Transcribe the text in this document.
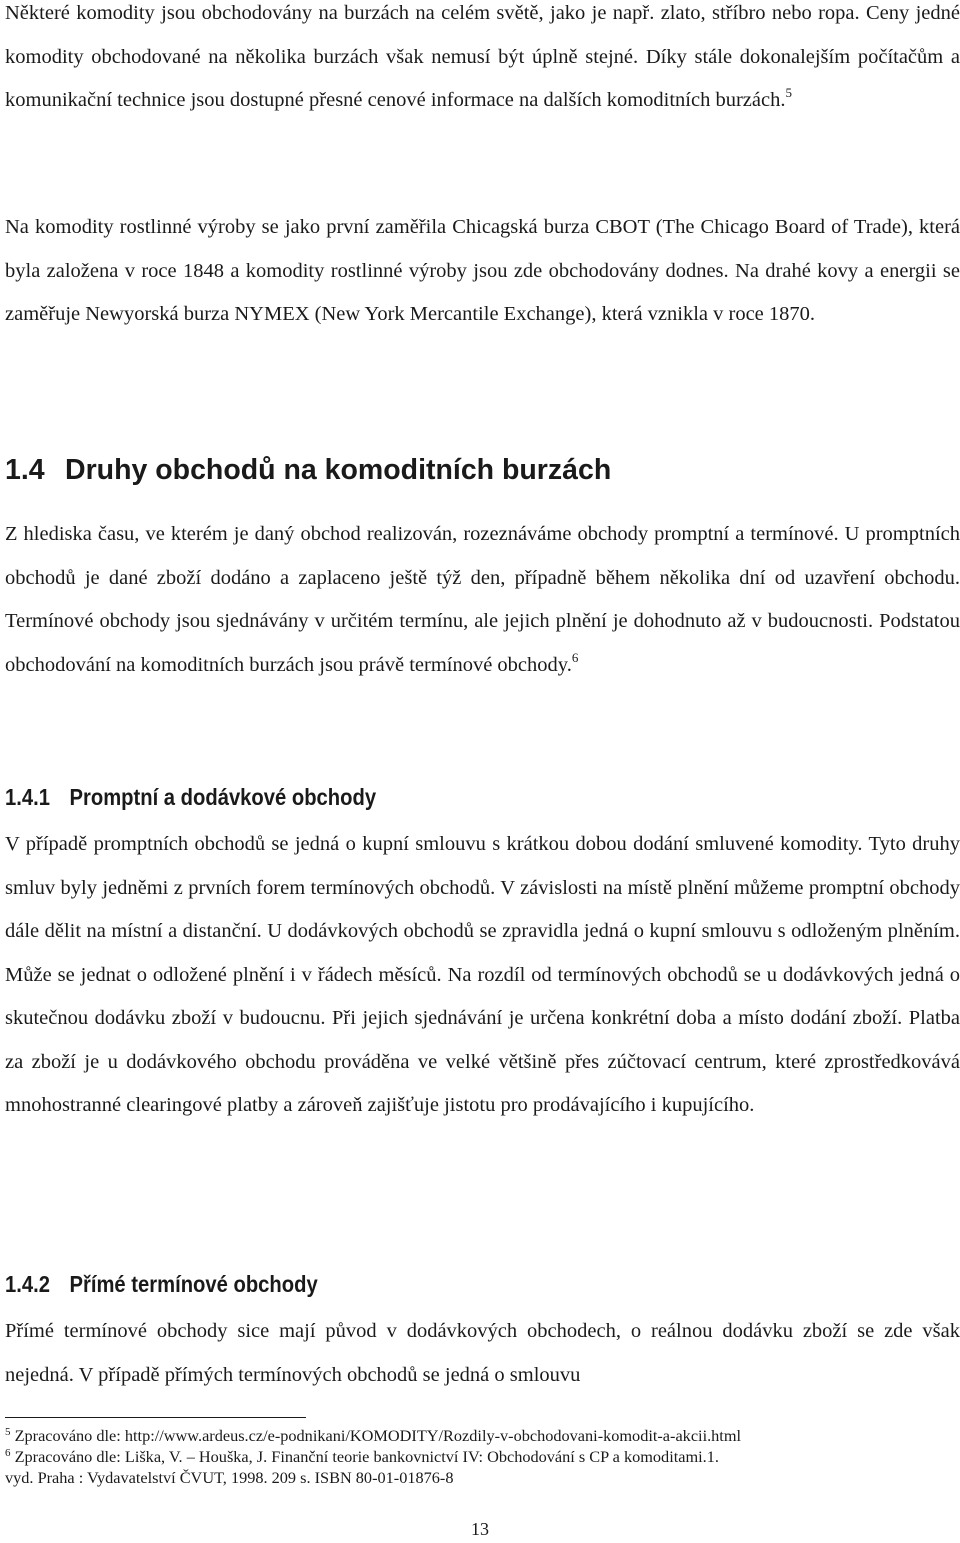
Některé komodity jsou obchodovány na burzách na celém světě, jako je např. zlato, stříbro nebo ropa. Ceny jedné komodity obchodované na několika burzách však nemusí být úplně stejné. Díky stále dokonalejším počítačům a komunikační technice jsou dostupné přesné cenové informace na dalších komoditních burzách.$^5$

Na komodity rostlinné výroby se jako první zaměřila Chicagská burza CBOT (The Chicago Board of Trade), která byla založena v roce 1848 a komodity rostlinné výroby jsou zde obchodovány dodnes. Na drahé kovy a energii se zaměřuje Newyorská burza NYMEX (New York Mercantile Exchange), která vznikla v roce 1870.

1.4 Druhy obchodů na komoditních burzách

Z hlediska času, ve kterém je daný obchod realizován, rozeznáváme obchody promptní a termínové. U promptních obchodů je dané zboží dodáno a zaplaceno ještě týž den, případně během několika dní od uzavření obchodu. Termínové obchody jsou sjednávány v určitém termínu, ale jejich plnění je dohodnuto až v budoucnosti. Podstatou obchodování na komoditních burzách jsou právě termínové obchody.$^6$

1.4.1 Promptní a dodávkové obchody

V případě promptních obchodů se jedná o kupní smlouvu s krátkou dobou dodání smluvené komodity. Tyto druhy smluv byly jedněmi z prvních forem termínových obchodů. V závislosti na místě plnění můžeme promptní obchody dále dělit na místní a distanční. U dodávkových obchodů se zpravidla jedná o kupní smlouvu s odloženým plněním. Může se jednat o odložené plnění i v řádech měsíců. Na rozdíl od termínových obchodů se u dodávkových jedná o skutečnou dodávku zboží v budoucnu. Při jejich sjednávání je určena konkrétní doba a místo dodání zboží. Platba za zboží je u dodávkového obchodu prováděna ve velké většině přes zúčtovací centrum, které zprostředkovává mnohostranné clearingové platby a zároveň zajišťuje jistotu pro prodávajícího i kupujícího.

1.4.2 Přímé termínové obchody

Přímé termínové obchody sice mají původ v dodávkových obchodech, o reálnou dodávku zboží se zde však nejedná. V případě přímých termínových obchodů se jedná o smlouvu

$^5$ Zpracováno dle: http://www.ardeus.cz/e-podnikani/KOMODITY/Rozdily-v-obchodovani-komodit-a-akcii.html

$^6$ Zpracováno dle: Liška, V. – Houška, J. Finanční teorie bankovnictví IV: Obchodování s CP a komoditami.1.

vyd. Praha : Vydavatelství ČVUT, 1998. 209 s. ISBN 80-01-01876-8

13
